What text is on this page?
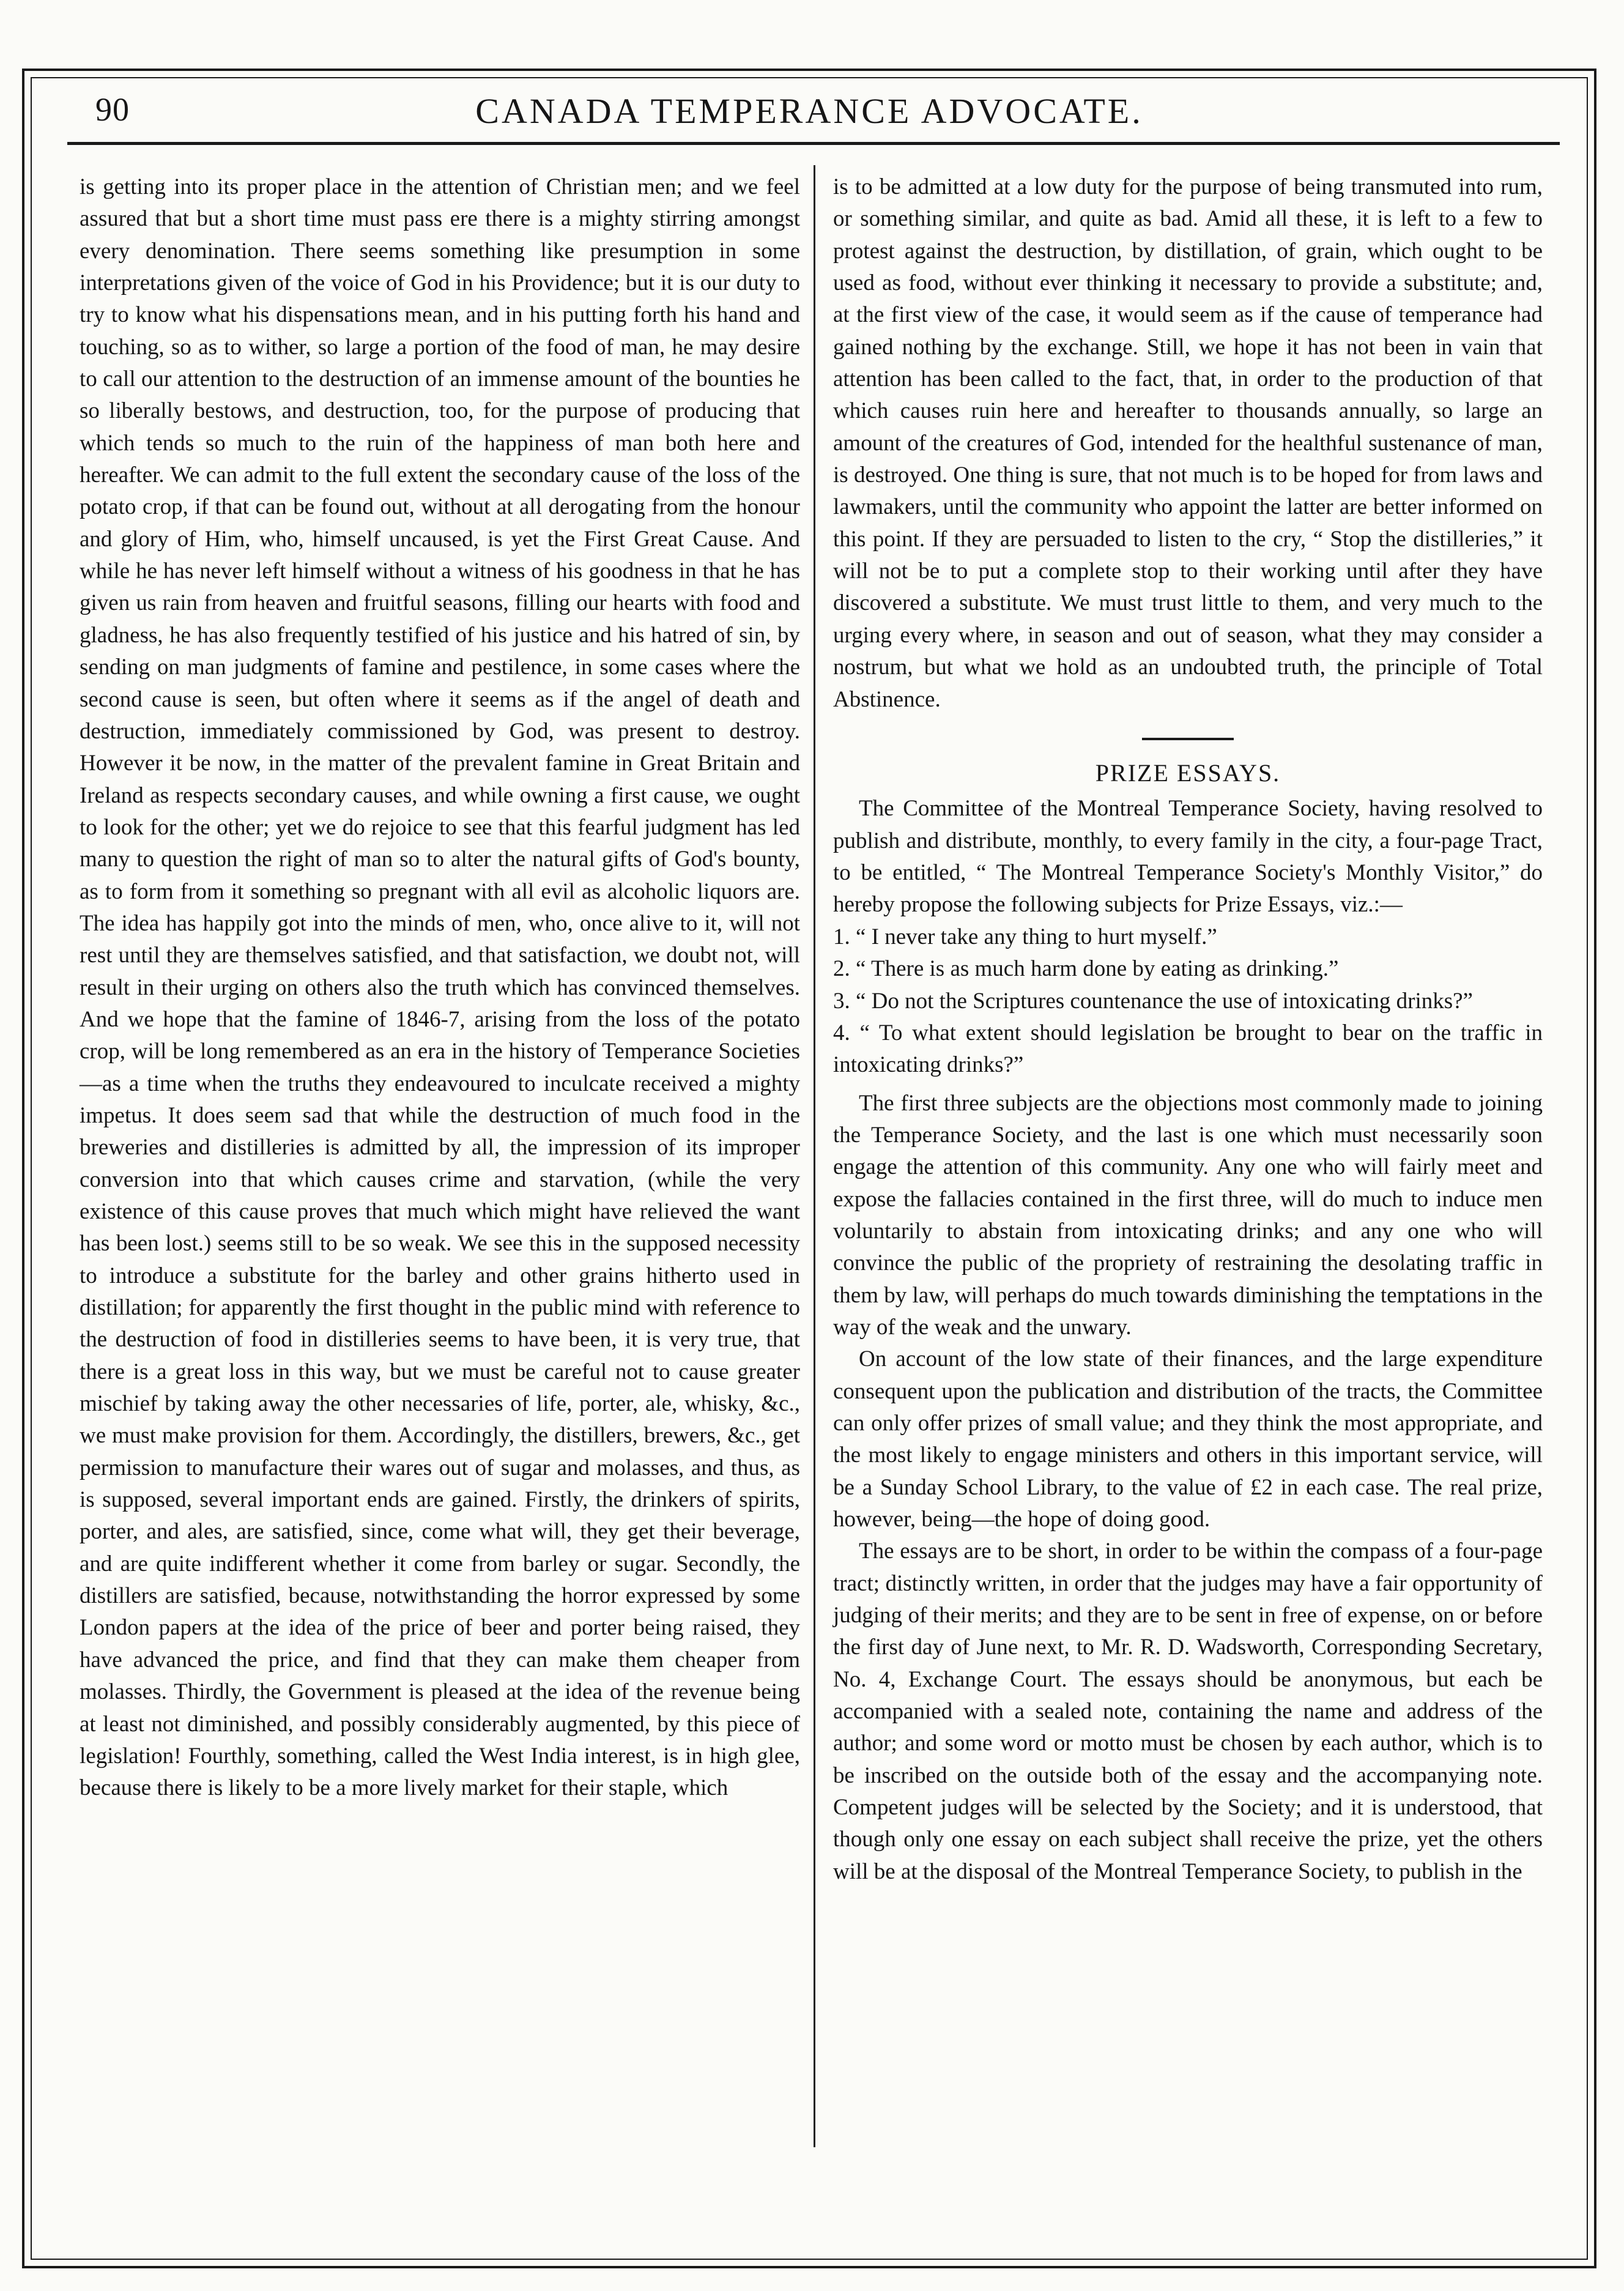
90	CANADA TEMPERANCE ADVOCATE.

is getting into its proper place in the attention of Christian men; and we feel assured that but a short time must pass ere there is a mighty stirring amongst every denomination. There seems something like presumption in some interpretations given of the voice of God in his Providence; but it is our duty to try to know what his dispensations mean, and in his putting forth his hand and touching, so as to wither, so large a portion of the food of man, he may desire to call our attention to the destruction of an immense amount of the bounties he so liberally bestows, and destruction, too, for the purpose of producing that which tends so much to the ruin of the happiness of man both here and hereafter. We can admit to the full extent the secondary cause of the loss of the potato crop, if that can be found out, without at all derogating from the honour and glory of Him, who, himself uncaused, is yet the First Great Cause. And while he has never left himself without a witness of his goodness in that he has given us rain from heaven and fruitful seasons, filling our hearts with food and gladness, he has also frequently testified of his justice and his hatred of sin, by sending on man judgments of famine and pestilence, in some cases where the second cause is seen, but often where it seems as if the angel of death and destruction, immediately commissioned by God, was present to destroy. However it be now, in the matter of the prevalent famine in Great Britain and Ireland as respects secondary causes, and while owning a first cause, we ought to look for the other; yet we do rejoice to see that this fearful judgment has led many to question the right of man so to alter the natural gifts of God's bounty, as to form from it something so pregnant with all evil as alcoholic liquors are. The idea has happily got into the minds of men, who, once alive to it, will not rest until they are themselves satisfied, and that satisfaction, we doubt not, will result in their urging on others also the truth which has convinced themselves. And we hope that the famine of 1846-7, arising from the loss of the potato crop, will be long remembered as an era in the history of Temperance Societies—as a time when the truths they endeavoured to inculcate received a mighty impetus. It does seem sad that while the destruction of much food in the breweries and distilleries is admitted by all, the impression of its improper conversion into that which causes crime and starvation, (while the very existence of this cause proves that much which might have relieved the want has been lost.) seems still to be so weak. We see this in the supposed necessity to introduce a substitute for the barley and other grains hitherto used in distillation; for apparently the first thought in the public mind with reference to the destruction of food in distilleries seems to have been, it is very true, that there is a great loss in this way, but we must be careful not to cause greater mischief by taking away the other necessaries of life, porter, ale, whisky, &c., we must make provision for them. Accordingly, the distillers, brewers, &c., get permission to manufacture their wares out of sugar and molasses, and thus, as is supposed, several important ends are gained. Firstly, the drinkers of spirits, porter, and ales, are satisfied, since, come what will, they get their beverage, and are quite indifferent whether it come from barley or sugar. Secondly, the distillers are satisfied, because, notwithstanding the horror expressed by some London papers at the idea of the price of beer and porter being raised, they have advanced the price, and find that they can make them cheaper from molasses. Thirdly, the Government is pleased at the idea of the revenue being at least not diminished, and possibly considerably augmented, by this piece of legislation! Fourthly, something, called the West India interest, is in high glee, because there is likely to be a more lively market for their staple, which

is to be admitted at a low duty for the purpose of being transmuted into rum, or something similar, and quite as bad. Amid all these, it is left to a few to protest against the destruction, by distillation, of grain, which ought to be used as food, without ever thinking it necessary to provide a substitute; and, at the first view of the case, it would seem as if the cause of temperance had gained nothing by the exchange. Still, we hope it has not been in vain that attention has been called to the fact, that, in order to the production of that which causes ruin here and hereafter to thousands annually, so large an amount of the creatures of God, intended for the healthful sustenance of man, is destroyed. One thing is sure, that not much is to be hoped for from laws and lawmakers, until the community who appoint the latter are better informed on this point. If they are persuaded to listen to the cry, “ Stop the distilleries,” it will not be to put a complete stop to their working until after they have discovered a substitute. We must trust little to them, and very much to the urging every where, in season and out of season, what they may consider a nostrum, but what we hold as an undoubted truth, the principle of Total Abstinence.

PRIZE ESSAYS.

The Committee of the Montreal Temperance Society, having resolved to publish and distribute, monthly, to every family in the city, a four-page Tract, to be entitled, “ The Montreal Temperance Society's Monthly Visitor,” do hereby propose the following subjects for Prize Essays, viz.:—

1. “ I never take any thing to hurt myself.”

2. “ There is as much harm done by eating as drinking.”

3. “ Do not the Scriptures countenance the use of intoxicating drinks?”

4. “ To what extent should legislation be brought to bear on the traffic in intoxicating drinks?”

The first three subjects are the objections most commonly made to joining the Temperance Society, and the last is one which must necessarily soon engage the attention of this community. Any one who will fairly meet and expose the fallacies contained in the first three, will do much to induce men voluntarily to abstain from intoxicating drinks; and any one who will convince the public of the propriety of restraining the desolating traffic in them by law, will perhaps do much towards diminishing the temptations in the way of the weak and the unwary.

On account of the low state of their finances, and the large expenditure consequent upon the publication and distribution of the tracts, the Committee can only offer prizes of small value; and they think the most appropriate, and the most likely to engage ministers and others in this important service, will be a Sunday School Library, to the value of £2 in each case. The real prize, however, being—the hope of doing good.

The essays are to be short, in order to be within the compass of a four-page tract; distinctly written, in order that the judges may have a fair opportunity of judging of their merits; and they are to be sent in free of expense, on or before the first day of June next, to Mr. R. D. Wadsworth, Corresponding Secretary, No. 4, Exchange Court. The essays should be anonymous, but each be accompanied with a sealed note, containing the name and address of the author; and some word or motto must be chosen by each author, which is to be inscribed on the outside both of the essay and the accompanying note. Competent judges will be selected by the Society; and it is understood, that though only one essay on each subject shall receive the prize, yet the others will be at the disposal of the Montreal Temperance Society, to publish in the
